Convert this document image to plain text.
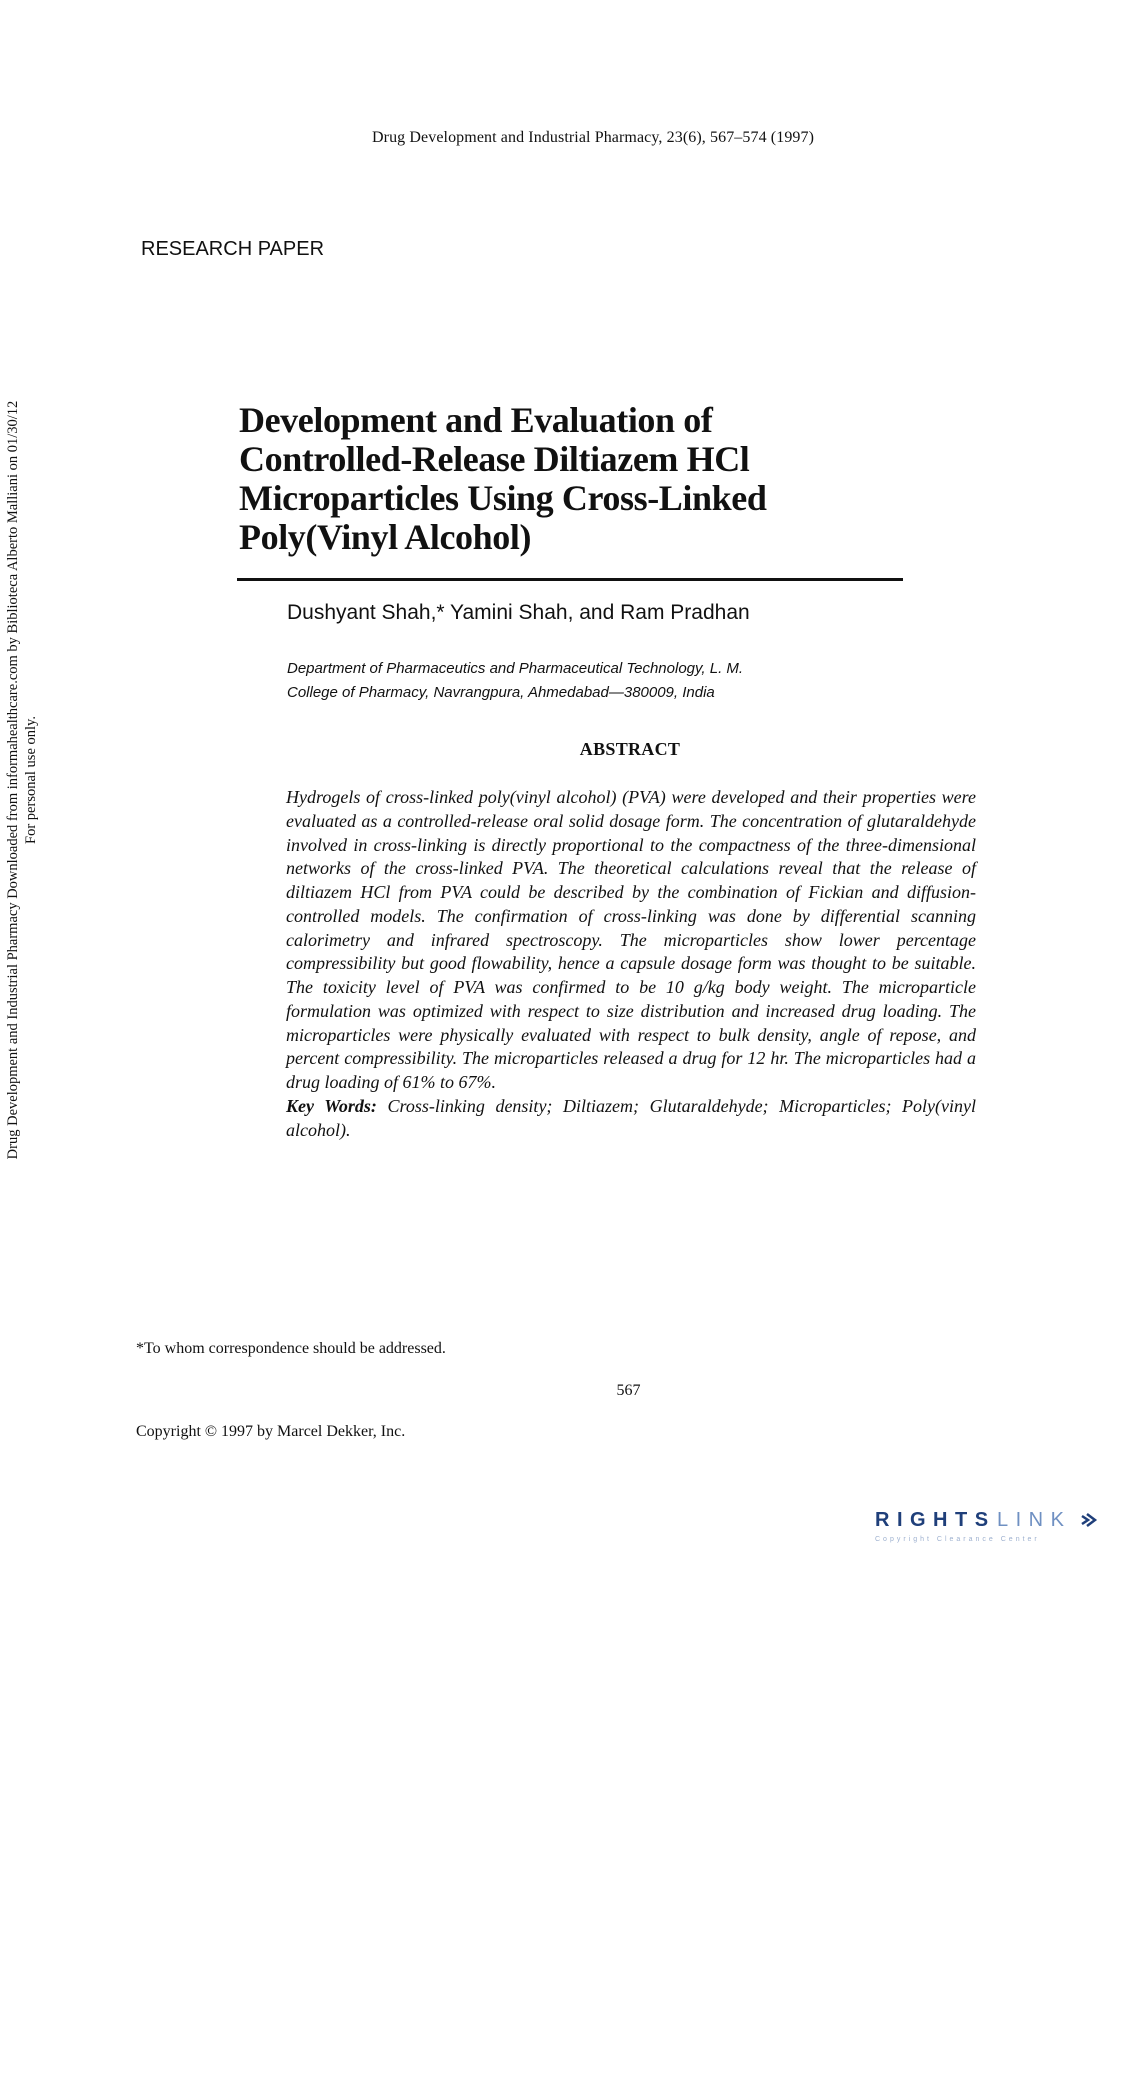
Drug Development and Industrial Pharmacy, 23(6), 567–574 (1997)
RESEARCH PAPER
Drug Development and Industrial Pharmacy Downloaded from informahealthcare.com by Biblioteca Alberto Malliani on 01/30/12 For personal use only.
Development and Evaluation of
Controlled-Release Diltiazem HCl
Microparticles Using Cross-Linked
Poly(Vinyl Alcohol)
Dushyant Shah,* Yamini Shah, and Ram Pradhan
Department of Pharmaceutics and Pharmaceutical Technology, L. M.
College of Pharmacy, Navrangpura, Ahmedabad—380009, India
ABSTRACT
Hydrogels of cross-linked poly(vinyl alcohol) (PVA) were developed and their properties were evaluated as a controlled-release oral solid dosage form. The concentration of glutaraldehyde involved in cross-linking is directly proportional to the compactness of the three-dimensional networks of the cross-linked PVA. The theoretical calculations reveal that the release of diltiazem HCl from PVA could be described by the combination of Fickian and diffusion-controlled models. The confirmation of cross-linking was done by differential scanning calorimetry and infrared spectroscopy. The microparticles show lower percentage compressibility but good flowability, hence a capsule dosage form was thought to be suitable. The toxicity level of PVA was confirmed to be 10 g/kg body weight. The microparticle formulation was optimized with respect to size distribution and increased drug loading. The microparticles were physically evaluated with respect to bulk density, angle of repose, and percent compressibility. The microparticles released a drug for 12 hr. The microparticles had a drug loading of 61% to 67%.
Key Words: Cross-linking density; Diltiazem; Glutaraldehyde; Microparticles; Poly(vinyl alcohol).
*To whom correspondence should be addressed.
567
Copyright © 1997 by Marcel Dekker, Inc.
RIGHTS LINK
Copyright Clearance Center
